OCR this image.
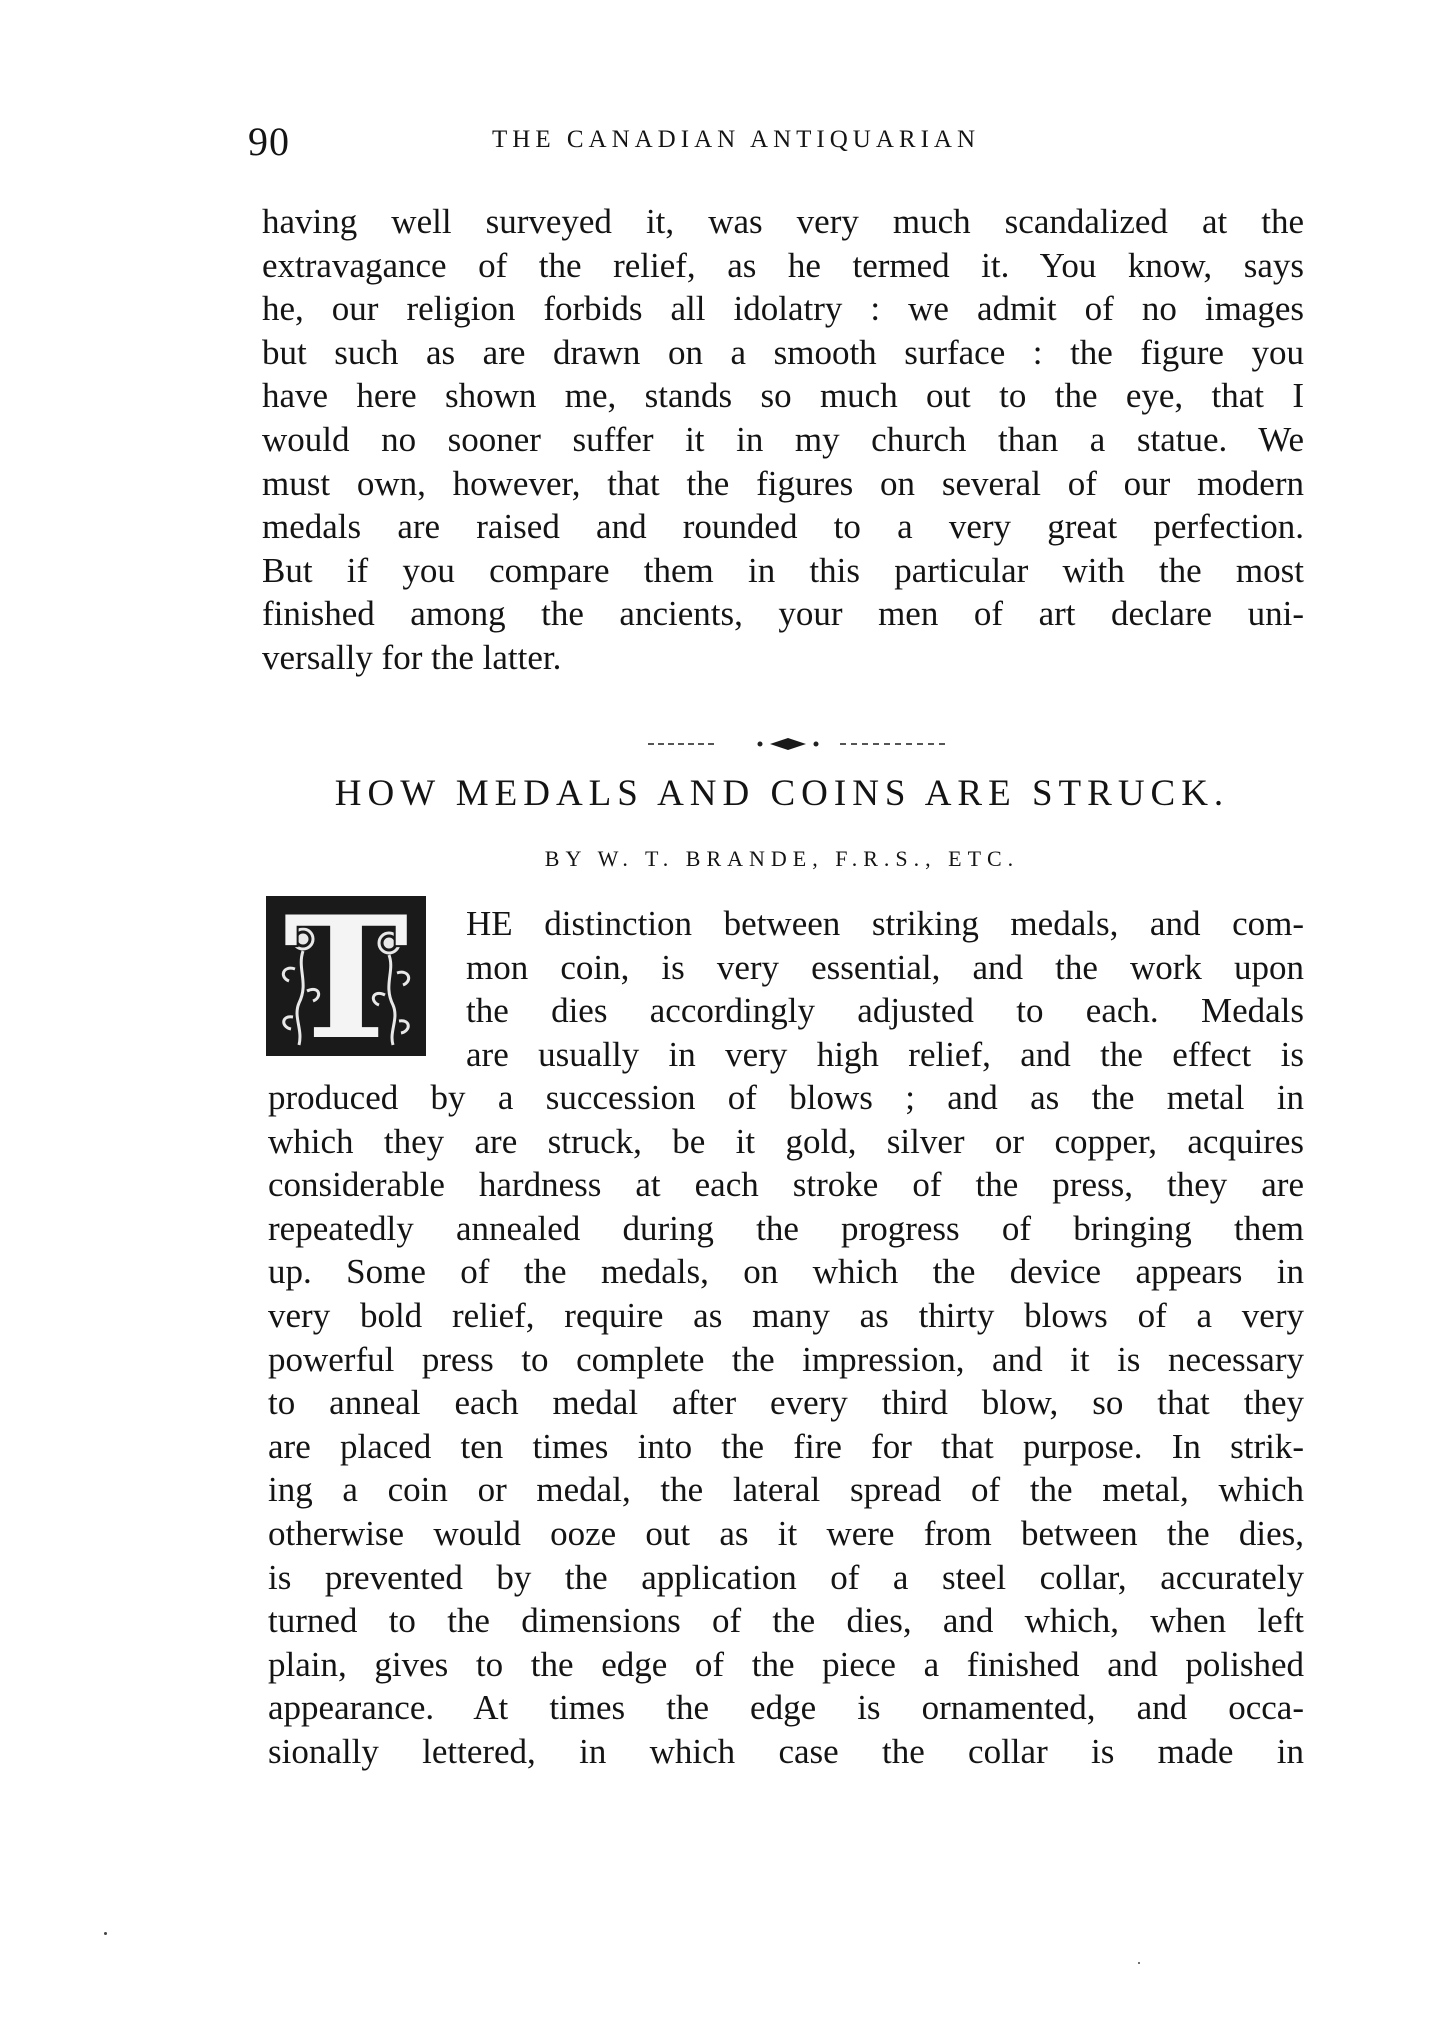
90	THE CANADIAN ANTIQUARIAN
having well surveyed it, was very much scandalized at the
extravagance of the relief, as he termed it. You know, says
he, our religion forbids all idolatry : we admit of no images
but such as are drawn on a smooth surface : the figure you
have here shown me, stands so much out to the eye, that I
would no sooner suffer it in my church than a statue. We
must own, however, that the figures on several of our modern
medals are raised and rounded to a very great perfection.
But if you compare them in this particular with the most
finished among the ancients, your men of art declare uni-
versally for the latter.
HOW MEDALS AND COINS ARE STRUCK.
BY W. T. BRANDE, F.R.S., ETC.
T	HE distinction between striking medals, and com-
mon coin, is very essential, and the work upon
the dies accordingly adjusted to each. Medals
are usually in very high relief, and the effect is
produced by a succession of blows ; and as the metal in
which they are struck, be it gold, silver or copper, acquires
considerable hardness at each stroke of the press, they are
repeatedly annealed during the progress of bringing them
up. Some of the medals, on which the device appears in
very bold relief, require as many as thirty blows of a very
powerful press to complete the impression, and it is necessary
to anneal each medal after every third blow, so that they
are placed ten times into the fire for that purpose. In strik-
ing a coin or medal, the lateral spread of the metal, which
otherwise would ooze out as it were from between the dies,
is prevented by the application of a steel collar, accurately
turned to the dimensions of the dies, and which, when left
plain, gives to the edge of the piece a finished and polished
appearance. At times the edge is ornamented, and occa-
sionally lettered, in which case the collar is made in
